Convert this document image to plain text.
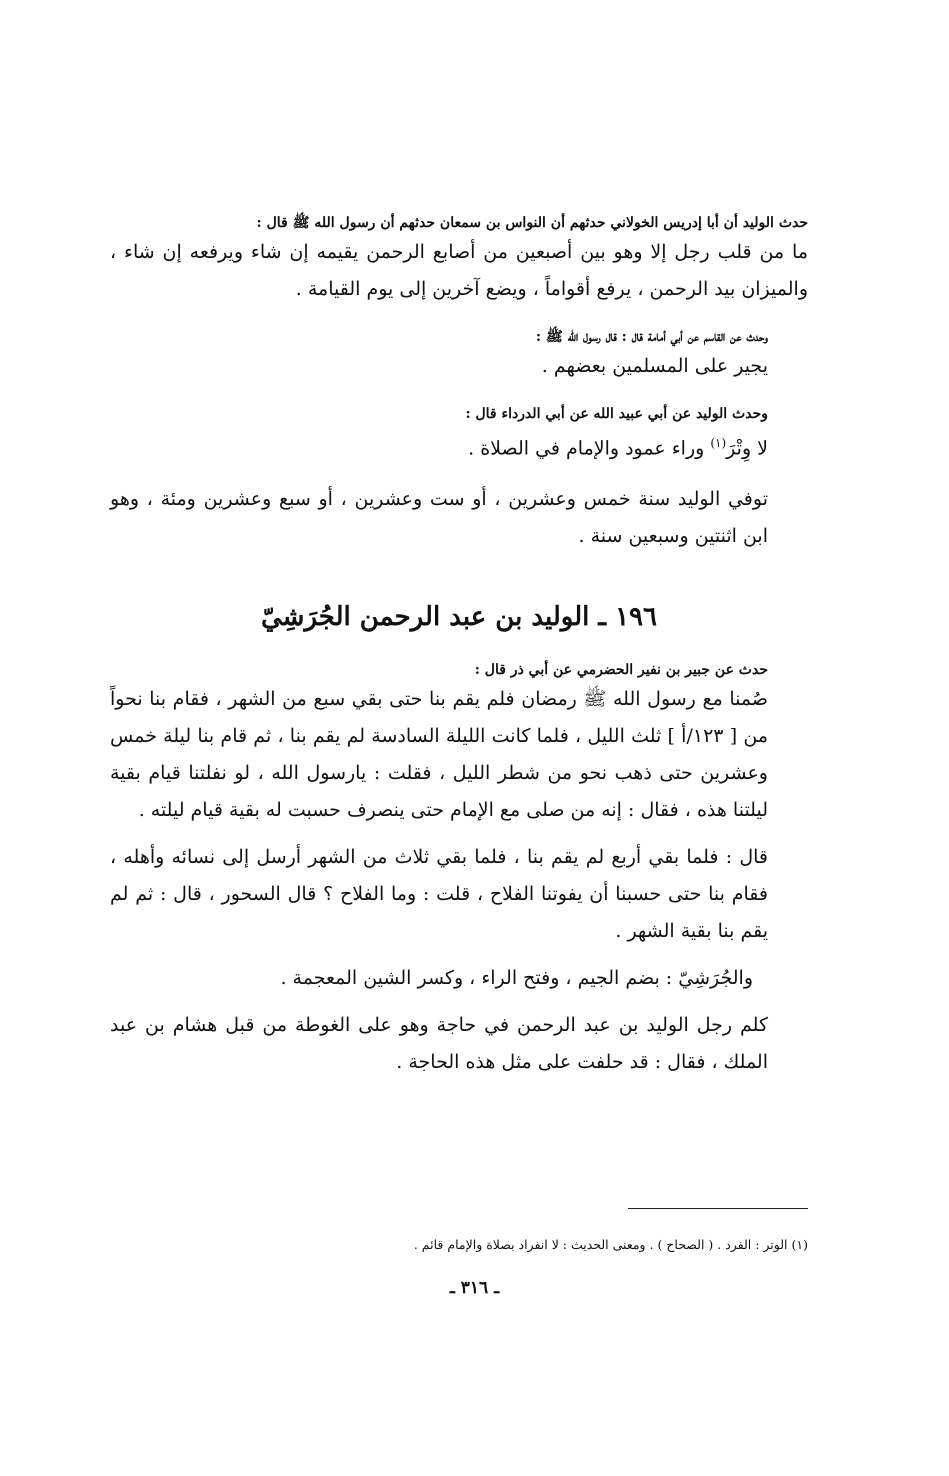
حدث الوليد أن أبا إدريس الخولاني حدثهم أن النواس بن سمعان حدثهم أن رسول الله ﷺ قال :

ما من قلب رجل إلا وهو بين أصبعين من أصابع الرحمن يقيمه إن شاء ويرفعه إن شاء ، والميزان بيد الرحمن ، يرفع أقواماً ، ويضع آخرين إلى يوم القيامة .

وحدث عن القاسم عن أبي أمامة قال : قال رسول الله ﷺ :

يجير على المسلمين بعضهم .

وحدث الوليد عن أبي عبيد الله عن أبي الدرداء قال :

لا وِتْرَ$^{(١)}$ وراء عمود والإمام في الصلاة .

توفي الوليد سنة خمس وعشرين ، أو ست وعشرين ، أو سبع وعشرين ومئة ، وهو ابن اثنتين وسبعين سنة .

١٩٦ ـ الوليد بن عبد الرحمن الجُرَشِيّ

حدث عن جبير بن نفير الحضرمي عن أبي ذر قال :

صُمنا مع رسول الله ﷺ رمضان فلم يقم بنا حتى بقي سبع من الشهر ، فقام بنا نحواً من [ ١٢٣/أ ] ثلث الليل ، فلما كانت الليلة السادسة لم يقم بنا ، ثم قام بنا ليلة خمس وعشرين حتى ذهب نحو من شطر الليل ، فقلت : يارسول الله ، لو نفلتنا قيام بقية ليلتنا هذه ، فقال : إنه من صلى مع الإمام حتى ينصرف حسبت له بقية قيام ليلته .

قال : فلما بقي أربع لم يقم بنا ، فلما بقي ثلاث من الشهر أرسل إلى نسائه وأهله ، فقام بنا حتى حسبنا أن يفوتنا الفلاح ، قلت : وما الفلاح ؟ قال السحور ، قال : ثم لم يقم بنا بقية الشهر .

والجُرَشِيّ : بضم الجيم ، وفتح الراء ، وكسر الشين المعجمة .

كلم رجل الوليد بن عبد الرحمن في حاجة وهو على الغوطة من قبل هشام بن عبد الملك ، فقال : قد حلفت على مثل هذه الحاجة .

(١) الوتر : الفرد . ( الصحاح ) . ومعنى الحديث : لا انفراد بصلاة والإمام قائم .

ـ ٣١٦ ـ
